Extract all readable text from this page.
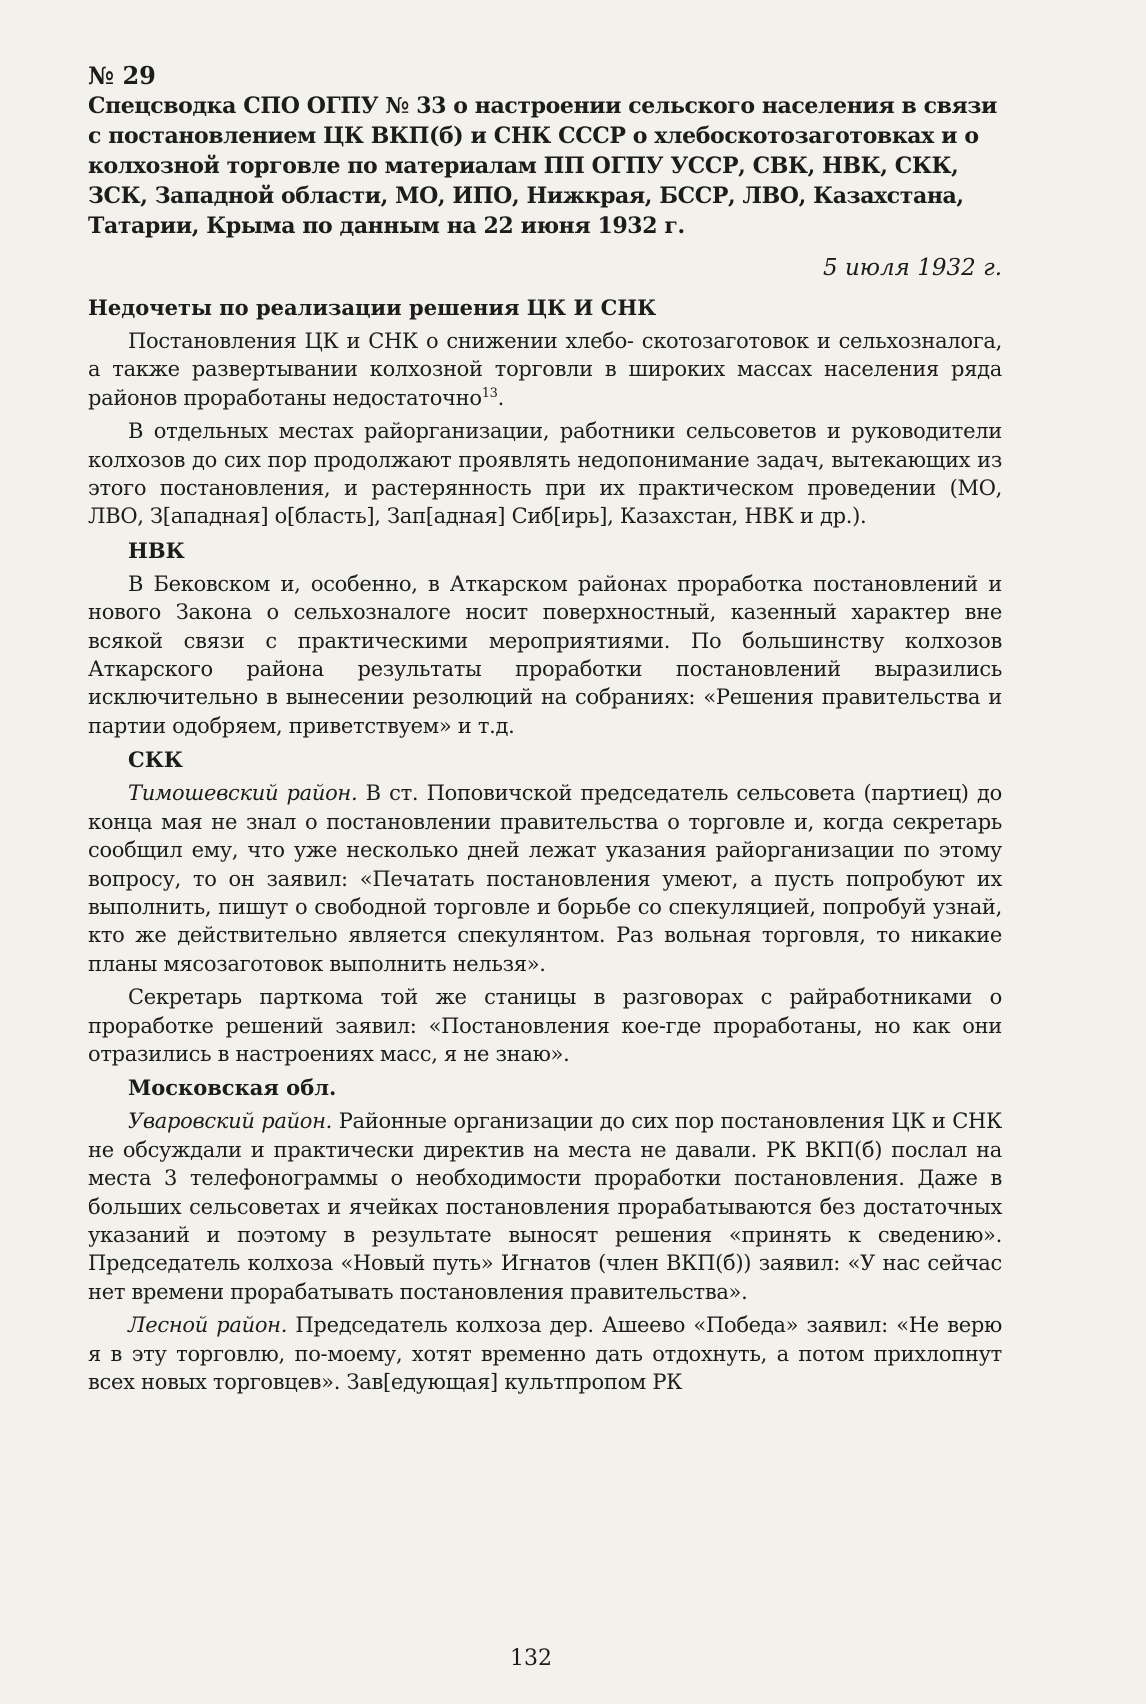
№ 29
Спецсводка СПО ОГПУ № 33 о настроении сельского населения в связи с постановлением ЦК ВКП(б) и СНК СССР о хлебоскотозаготовках и о колхозной торговле по материалам ПП ОГПУ УССР, СВК, НВК, СКК, ЗСК, Западной области, МО, ИПО, Нижкрая, БССР, ЛВО, Казахстана, Татарии, Крыма по данным на 22 июня 1932 г.
5 июля 1932 г.
Недочеты по реализации решения ЦК И СНК

Постановления ЦК и СНК о снижении хлебо- скотозаготовок и сельхозналога, а также развертывании колхозной торговли в широких массах населения ряда районов проработаны недостаточно$^{13}$.

В отдельных местах райорганизации, работники сельсоветов и руководители колхозов до сих пор продолжают проявлять недопонимание задач, вытекающих из этого постановления, и растерянность при их практическом проведении (МО, ЛВО, З[ападная] о[бласть], Зап[адная] Сиб[ирь], Казахстан, НВК и др.).

НВК

В Бековском и, особенно, в Аткарском районах проработка постановлений и нового Закона о сельхозналоге носит поверхностный, казенный характер вне всякой связи с практическими мероприятиями. По большинству колхозов Аткарского района результаты проработки постановлений выразились исключительно в вынесении резолюций на собраниях: «Решения правительства и партии одобряем, приветствуем» и т.д.

СКК

Тимошевский район. В ст. Поповичской председатель сельсовета (партиец) до конца мая не знал о постановлении правительства о торговле и, когда секретарь сообщил ему, что уже несколько дней лежат указания райорганизации по этому вопросу, то он заявил: «Печатать постановления умеют, а пусть попробуют их выполнить, пишут о свободной торговле и борьбе со спекуляцией, попробуй узнай, кто же действительно является спекулянтом. Раз вольная торговля, то никакие планы мясозаготовок выполнить нельзя».

Секретарь парткома той же станицы в разговорах с райработниками о проработке решений заявил: «Постановления кое-где проработаны, но как они отразились в настроениях масс, я не знаю».

Московская обл.

Уваровский район. Районные организации до сих пор постановления ЦК и СНК не обсуждали и практически директив на места не давали. РК ВКП(б) послал на места 3 телефонограммы о необходимости проработки постановления. Даже в больших сельсоветах и ячейках постановления прорабатываются без достаточных указаний и поэтому в результате выносят решения «принять к сведению». Председатель колхоза «Новый путь» Игнатов (член ВКП(б)) заявил: «У нас сейчас нет времени прорабатывать постановления правительства».

Лесной район. Председатель колхоза дер. Ашеево «Победа» заявил: «Не верю я в эту торговлю, по-моему, хотят временно дать отдохнуть, а потом прихлопнут всех новых торговцев». Зав[едующая] культпропом РК

132
